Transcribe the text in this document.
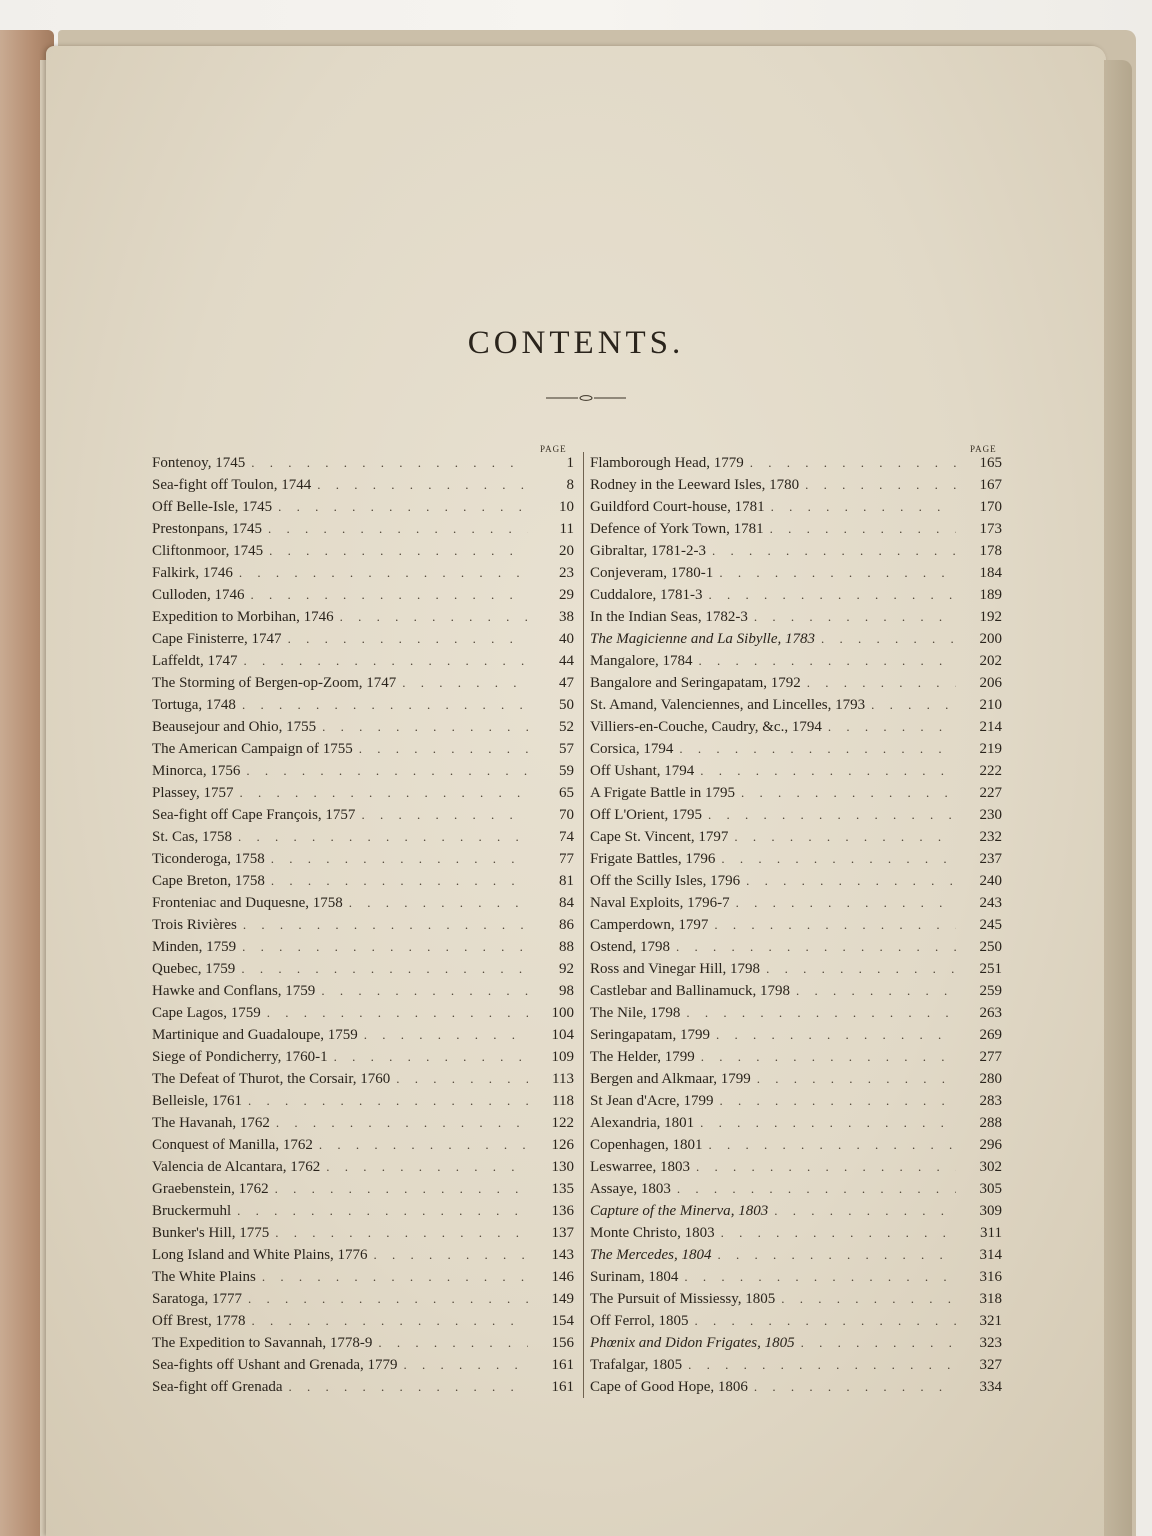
CONTENTS.
PAGE	PAGE
Fontenoy, 1745 . . .	1
Sea-fight off Toulon, 1744 . . .	8
Off Belle-Isle, 1745 . . .	10
Prestonpans, 1745 . . .	11
Cliftonmoor, 1745 . . .	20
Falkirk, 1746 . . .	23
Culloden, 1746 . . .	29
Expedition to Morbihan, 1746 . . .	38
Cape Finisterre, 1747 . . .	40
Laffeldt, 1747 . . .	44
The Storming of Bergen-op-Zoom, 1747 . . .	47
Tortuga, 1748 . . .	50
Beausejour and Ohio, 1755 . . .	52
The American Campaign of 1755 . . .	57
Minorca, 1756 . . .	59
Plassey, 1757 . . .	65
Sea-fight off Cape François, 1757 . . .	70
St. Cas, 1758 . . .	74
Ticonderoga, 1758 . . .	77
Cape Breton, 1758 . . .	81
Fronteniac and Duquesne, 1758 . . .	84
Trois Rivières . . .	86
Minden, 1759 . . .	88
Quebec, 1759 . . .	92
Hawke and Conflans, 1759 . . .	98
Cape Lagos, 1759 . . .	100
Martinique and Guadaloupe, 1759 . . .	104
Siege of Pondicherry, 1760-1 . . .	109
The Defeat of Thurot, the Corsair, 1760 . . .	113
Belleisle, 1761 . . .	118
The Havanah, 1762 . . .	122
Conquest of Manilla, 1762 . . .	126
Valencia de Alcantara, 1762 . . .	130
Graebenstein, 1762 . . .	135
Bruckermuhl . . .	136
Bunker's Hill, 1775 . . .	137
Long Island and White Plains, 1776 . . .	143
The White Plains . . .	146
Saratoga, 1777 . . .	149
Off Brest, 1778 . . .	154
The Expedition to Savannah, 1778-9 . . .	156
Sea-fights off Ushant and Grenada, 1779 . . .	161
Sea-fight off Grenada . . .	161
Flamborough Head, 1779 . . .	165
Rodney in the Leeward Isles, 1780 . . .	167
Guildford Court-house, 1781 . . .	170
Defence of York Town, 1781 . . .	173
Gibraltar, 1781-2-3 . . .	178
Conjeveram, 1780-1 . . .	184
Cuddalore, 1781-3 . . .	189
In the Indian Seas, 1782-3 . . .	192
The Magicienne and La Sibylle, 1783 . . .	200
Mangalore, 1784 . . .	202
Bangalore and Seringapatam, 1792 . . .	206
St. Amand, Valenciennes, and Lincelles, 1793 . . .	210
Villiers-en-Couche, Caudry, &c., 1794 . . .	214
Corsica, 1794 . . .	219
Off Ushant, 1794 . . .	222
A Frigate Battle in 1795 . . .	227
Off L'Orient, 1795 . . .	230
Cape St. Vincent, 1797 . . .	232
Frigate Battles, 1796 . . .	237
Off the Scilly Isles, 1796 . . .	240
Naval Exploits, 1796-7 . . .	243
Camperdown, 1797 . . .	245
Ostend, 1798 . . .	250
Ross and Vinegar Hill, 1798 . . .	251
Castlebar and Ballinamuck, 1798 . . .	259
The Nile, 1798 . . .	263
Seringapatam, 1799 . . .	269
The Helder, 1799 . . .	277
Bergen and Alkmaar, 1799 . . .	280
St Jean d'Acre, 1799 . . .	283
Alexandria, 1801 . . .	288
Copenhagen, 1801 . . .	296
Leswarree, 1803 . . .	302
Assaye, 1803 . . .	305
Capture of the Minerva, 1803 . . .	309
Monte Christo, 1803 . . .	311
The Mercedes, 1804 . . .	314
Surinam, 1804 . . .	316
The Pursuit of Missiessy, 1805 . . .	318
Off Ferrol, 1805 . . .	321
Phœnix and Didon Frigates, 1805 . . .	323
Trafalgar, 1805 . . .	327
Cape of Good Hope, 1806 . . .	334
